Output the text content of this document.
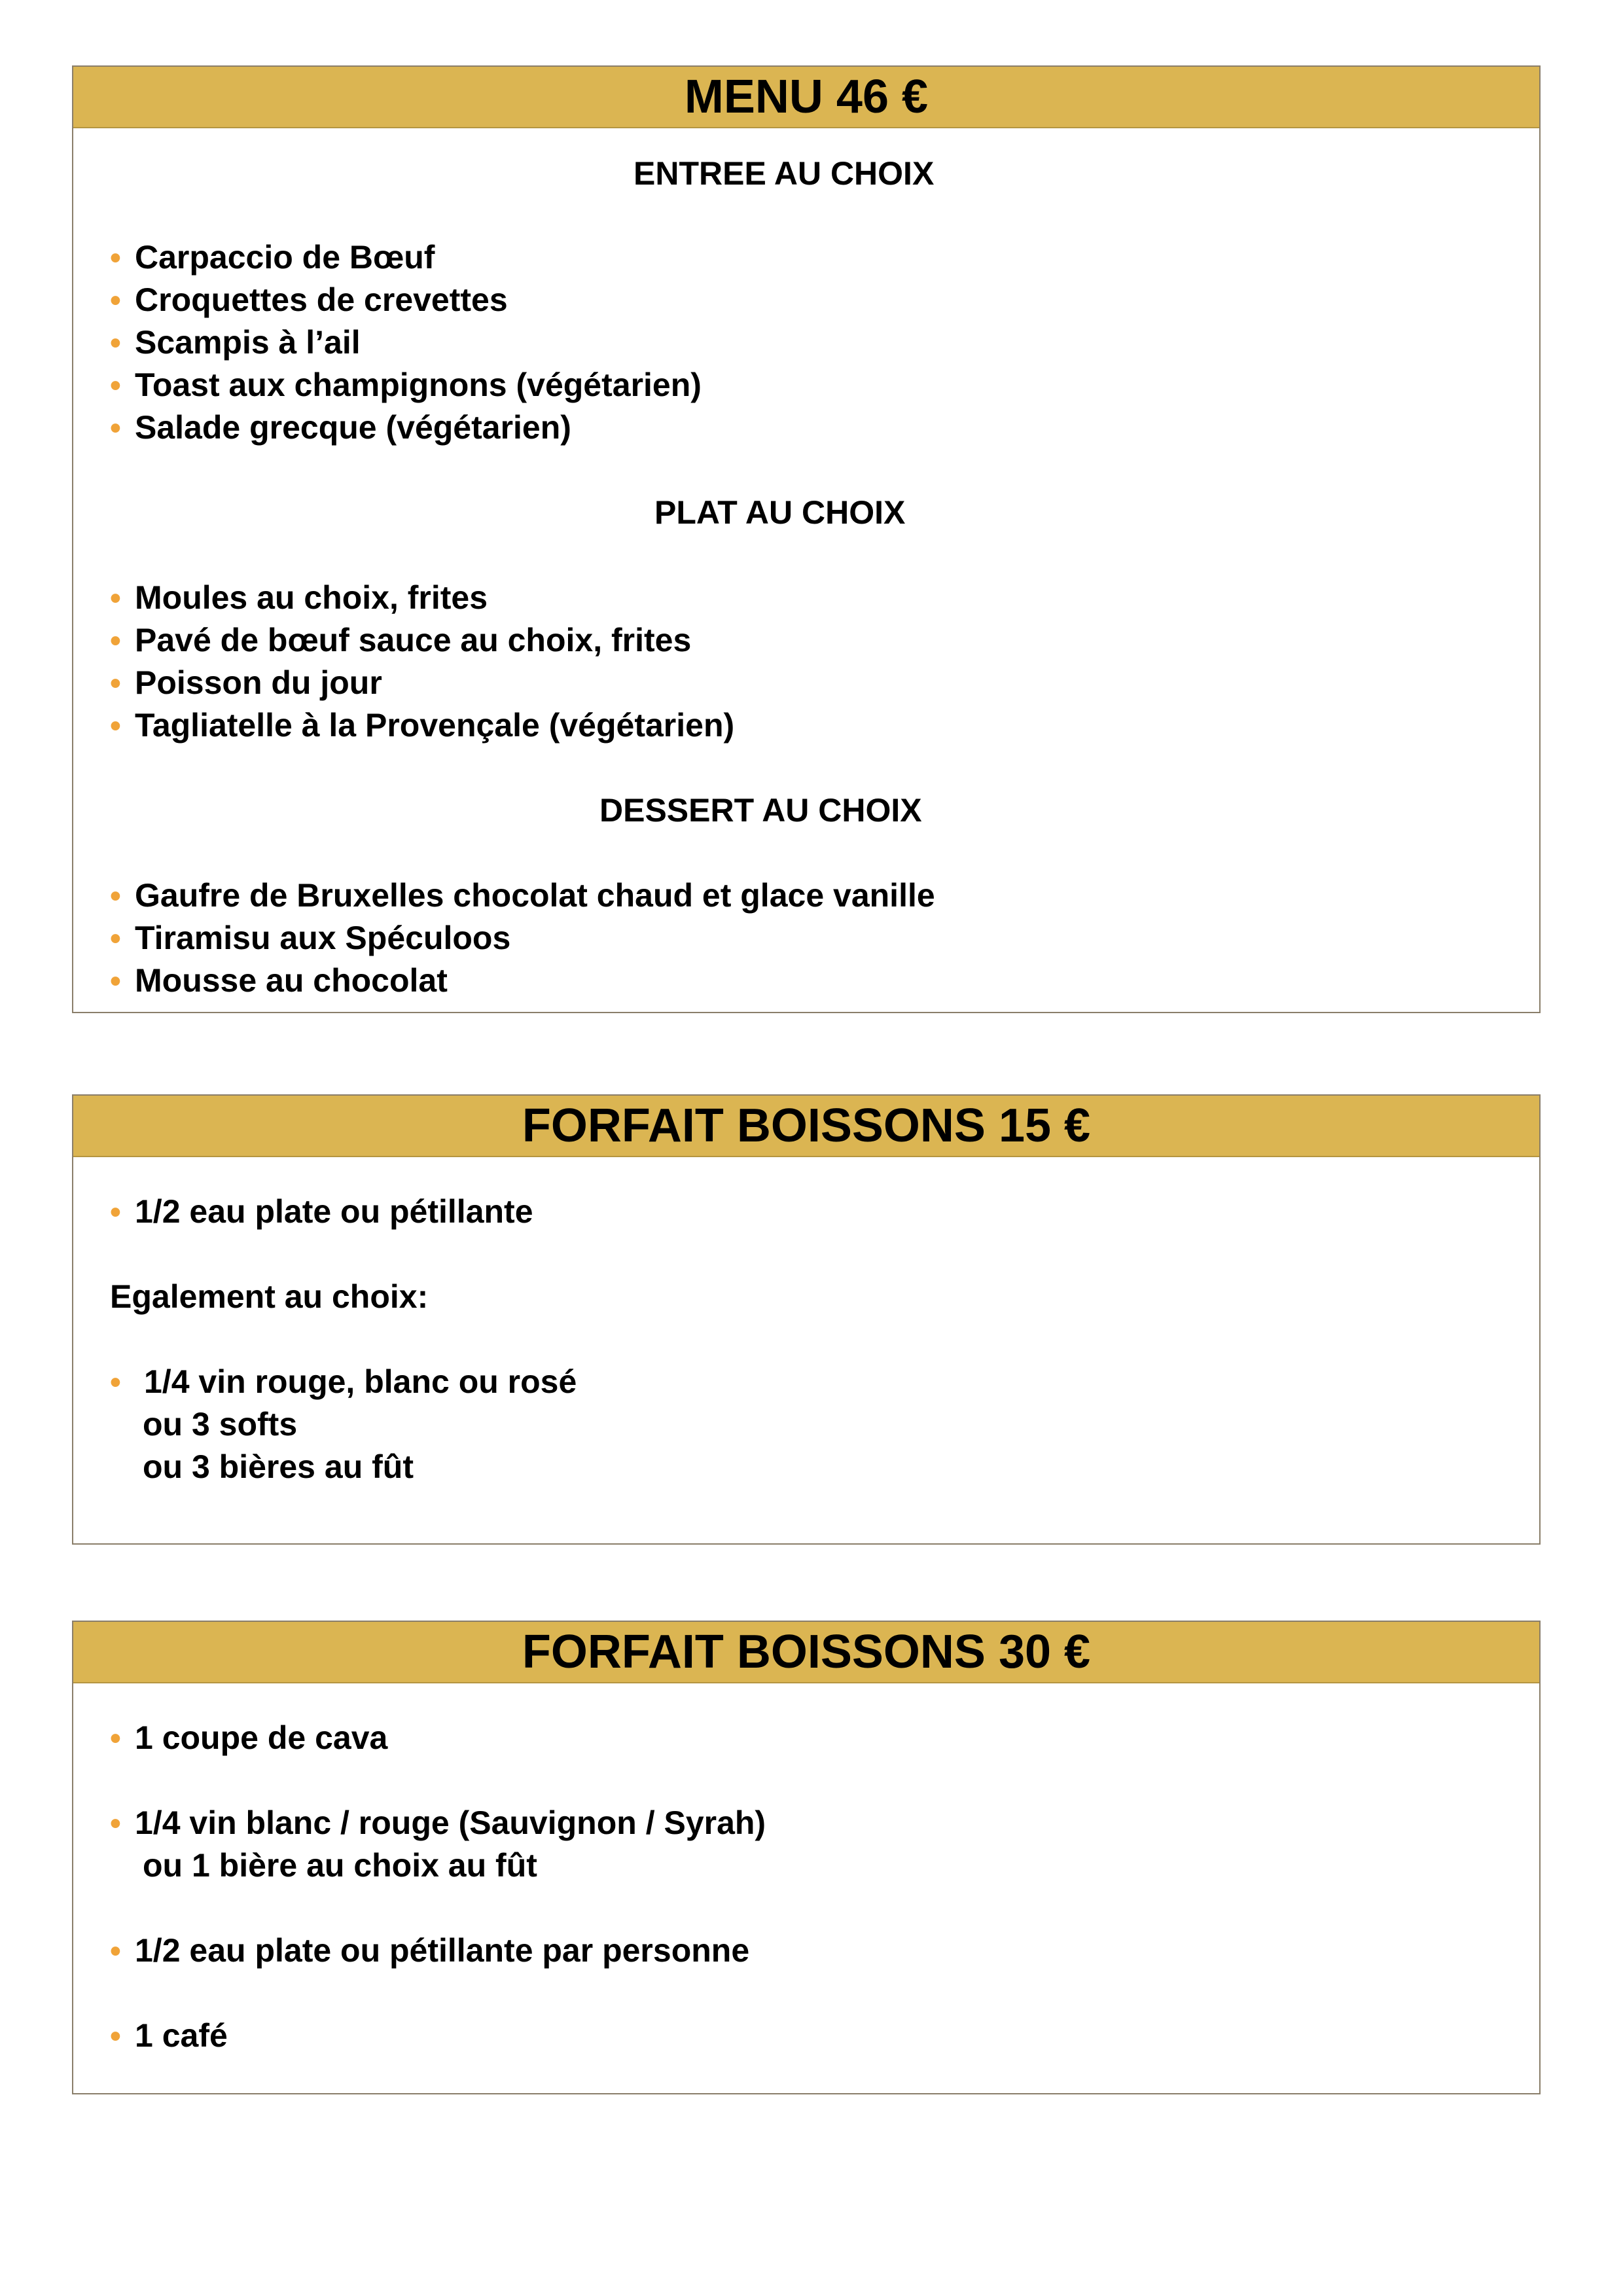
MENU 46 €
ENTREE AU CHOIX
• Carpaccio de Bœuf
• Croquettes de crevettes
• Scampis à l’ail
• Toast aux champignons (végétarien)
• Salade grecque (végétarien)
PLAT AU CHOIX
• Moules au choix, frites
• Pavé de bœuf sauce au choix, frites
• Poisson du jour
• Tagliatelle à la Provençale (végétarien)
DESSERT AU CHOIX
• Gaufre de Bruxelles chocolat chaud et glace vanille
• Tiramisu aux Spéculoos
• Mousse au chocolat
FORFAIT BOISSONS 15 €
• 1/2 eau plate ou pétillante
Egalement au choix:
• 1/4 vin rouge, blanc ou rosé
ou 3 softs
ou 3 bières au fût
FORFAIT BOISSONS 30 €
• 1 coupe de cava
• 1/4 vin blanc / rouge (Sauvignon / Syrah)
ou 1 bière au choix au fût
• 1/2 eau plate ou pétillante par personne
• 1 café
